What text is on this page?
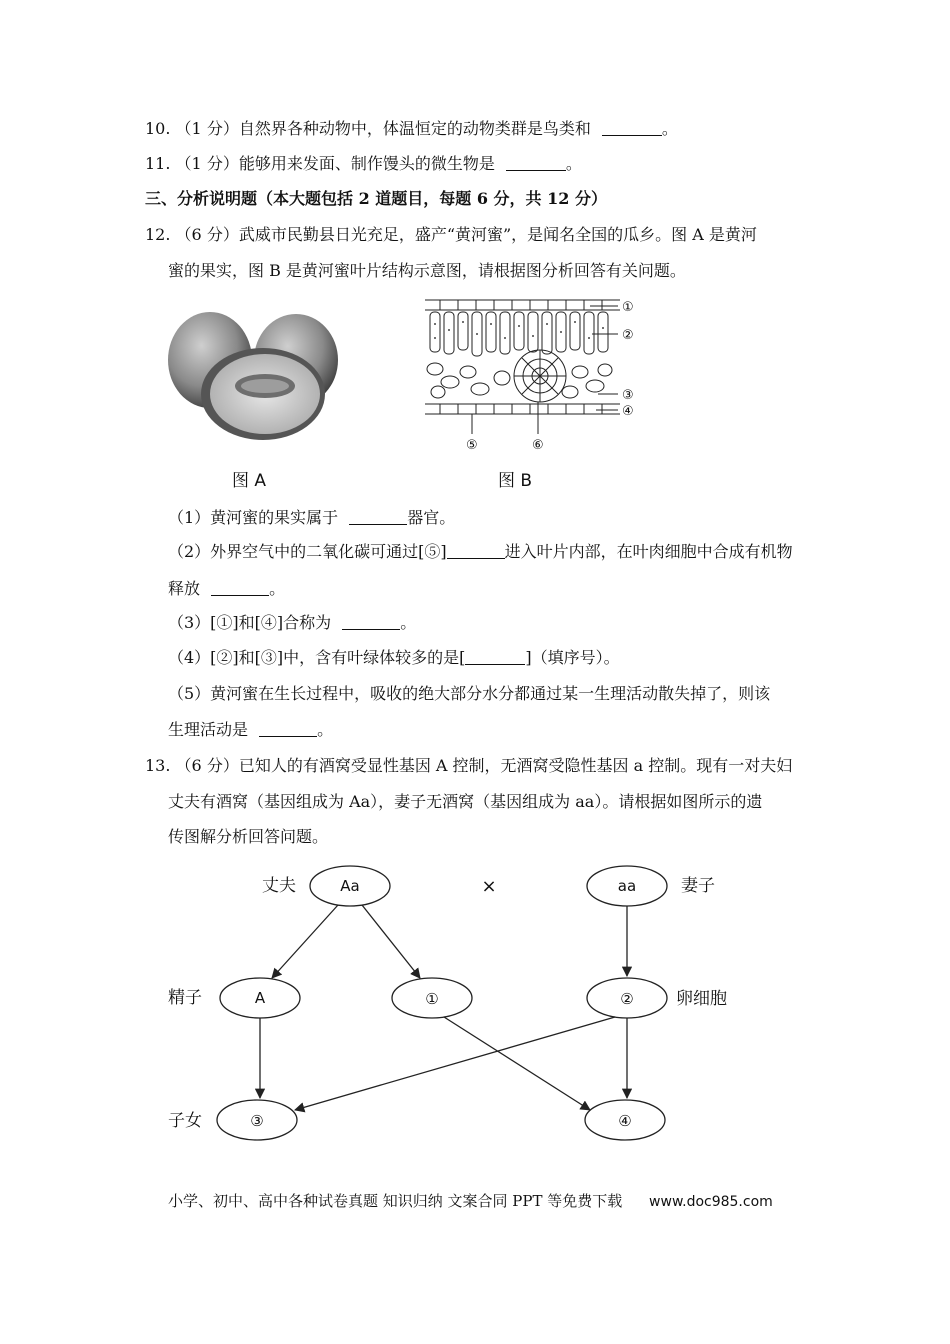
10. （1 分）自然界各种动物中，体温恒定的动物类群是鸟类和	。
11. （1 分）能够用来发面、制作馒头的微生物是	。
三、分析说明题（本大题包括 2 道题目，每题 6 分，共 12 分）
12. （6 分）武威市民勤县日光充足，盛产“黄河蜜”，是闻名全国的瓜乡。图 A 是黄河
蜜的果实，图 B 是黄河蜜叶片结构示意图，请根据图分析回答有关问题。
图 A
①
②
③
④
⑤	⑥
图 B
（1）黄河蜜的果实属于	器官。
（2）外界空气中的二氧化碳可通过[⑤]	进入叶片内部，在叶肉细胞中合成有机物
释放	。
（3）[①]和[④]合称为	。
（4）[②]和[③]中，含有叶绿体较多的是[	]（填序号）。
（5）黄河蜜在生长过程中，吸收的绝大部分水分都通过某一生理活动散失掉了，则该
生理活动是	。
13. （6 分）已知人的有酒窝受显性基因 A 控制，无酒窝受隐性基因 a 控制。现有一对夫妇
丈夫有酒窝（基因组成为 Aa），妻子无酒窝（基因组成为 aa）。请根据如图所示的遗
传图解分析回答问题。
丈夫	Aa	×	aa	妻子
精子	A	①	② 卵细胞
子女	③	④
小学、初中、高中各种试卷真题 知识归纳 文案合同 PPT 等免费下载 www.doc985.com
